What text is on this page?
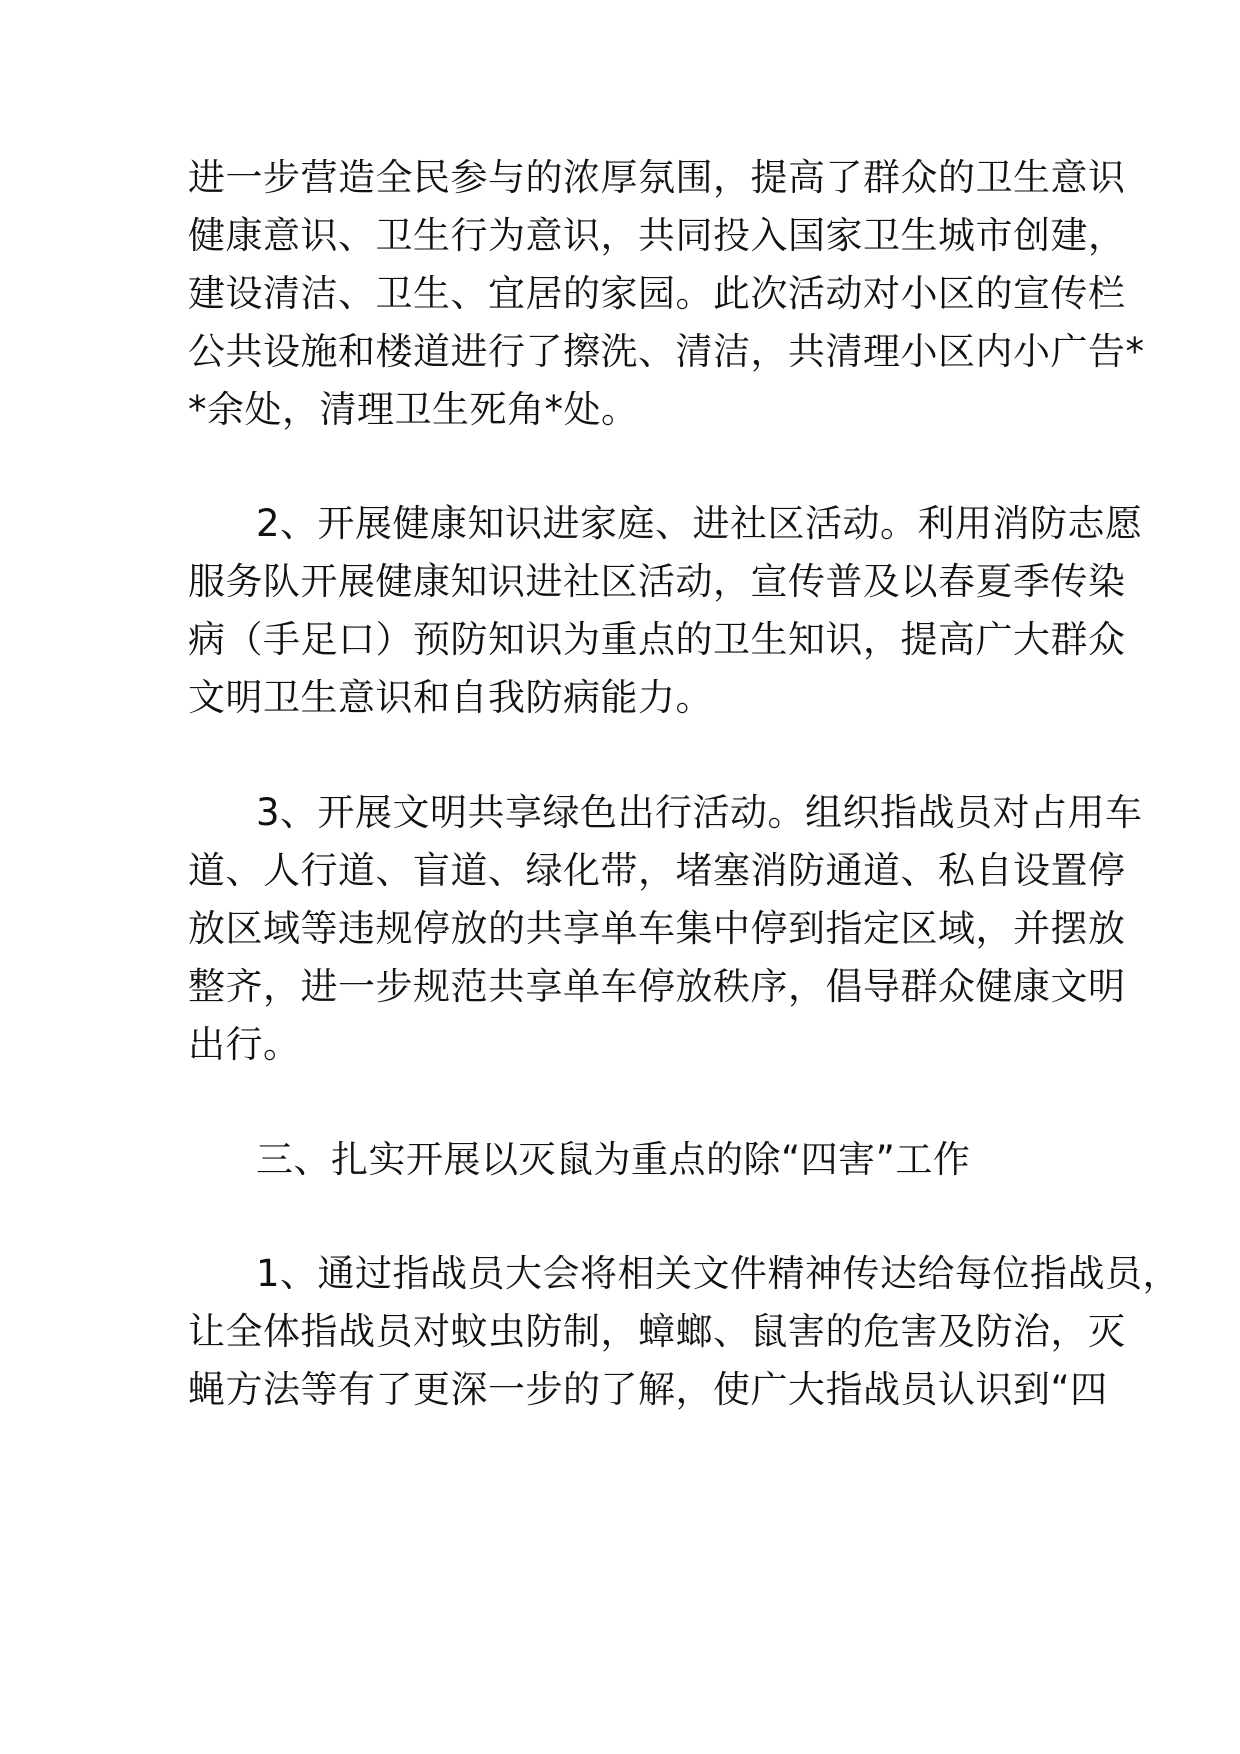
进一步营造全民参与的浓厚氛围，提高了群众的卫生意识
健康意识、卫生行为意识，共同投入国家卫生城市创建，
建设清洁、卫生、宜居的家园。此次活动对小区的宣传栏
公共设施和楼道进行了擦洗、清洁，共清理小区内小广告*
*余处，清理卫生死角*处。
2、开展健康知识进家庭、进社区活动。利用消防志愿
服务队开展健康知识进社区活动，宣传普及以春夏季传染
病（手足口）预防知识为重点的卫生知识，提高广大群众
文明卫生意识和自我防病能力。
3、开展文明共享绿色出行活动。组织指战员对占用车
道、人行道、盲道、绿化带，堵塞消防通道、私自设置停
放区域等违规停放的共享单车集中停到指定区域，并摆放
整齐，进一步规范共享单车停放秩序，倡导群众健康文明
出行。
三、扎实开展以灭鼠为重点的除“四害”工作
1、通过指战员大会将相关文件精神传达给每位指战员，
让全体指战员对蚊虫防制，蟑螂、鼠害的危害及防治，灭
蝇方法等有了更深一步的了解，使广大指战员认识到“四
